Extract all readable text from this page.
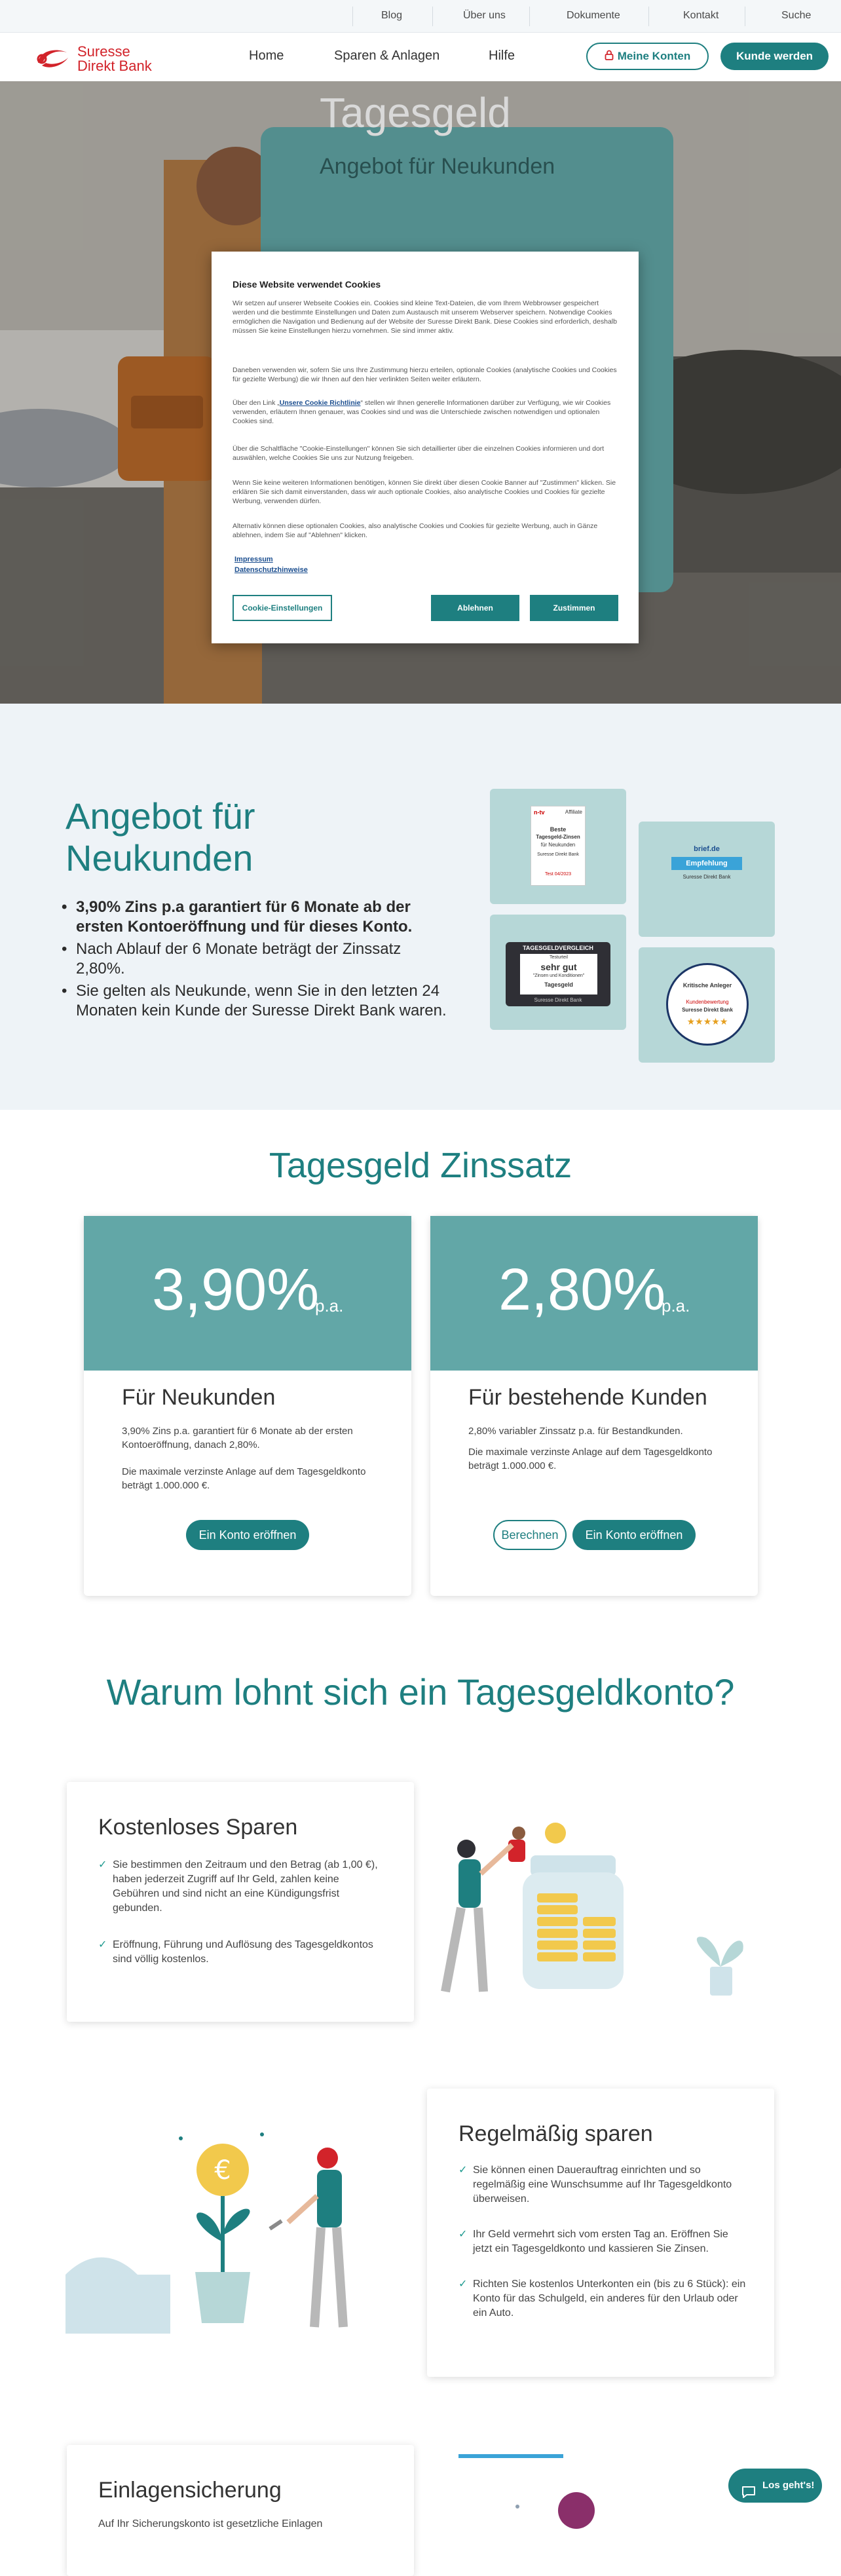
Blog	Über uns	Dokumente	Kontakt	Suche
Suresse
Direkt Bank
Home	Sparen & Anlagen	Hilfe	Meine Konten	Kunde werden
Tagesgeld
Angebot für Neukunden
Diese Website verwendet Cookies

Wir setzen auf unserer Webseite Cookies ein. Cookies sind kleine Text-Dateien, die vom Ihrem Webbrowser gespeichert werden und die bestimmte Einstellungen und Daten zum Austausch mit unserem Webserver speichern. Notwendige Cookies ermöglichen die Navigation und Bedienung auf der Website der Suresse Direkt Bank. Diese Cookies sind erforderlich, deshalb müssen Sie keine Einstellungen hierzu vornehmen. Sie sind immer aktiv.

Daneben verwenden wir, sofern Sie uns Ihre Zustimmung hierzu erteilen, optionale Cookies (analytische Cookies und Cookies für gezielte Werbung) die wir Ihnen auf den hier verlinkten Seiten weiter erläutern.

Über den Link „Unsere Cookie Richtlinie“ stellen wir Ihnen generelle Informationen darüber zur Verfügung, wie wir Cookies verwenden, erläutern Ihnen genauer, was Cookies sind und was die Unterschiede zwischen notwendigen und optionalen Cookies sind.

Über die Schaltfläche "Cookie-Einstellungen" können Sie sich detaillierter über die einzelnen Cookies informieren und dort auswählen, welche Cookies Sie uns zur Nutzung freigeben.

Wenn Sie keine weiteren Informationen benötigen, können Sie direkt über diesen Cookie Banner auf "Zustimmen" klicken. Sie erklären Sie sich damit einverstanden, dass wir auch optionale Cookies, also analytische Cookies und Cookies für gezielte Werbung, verwenden dürfen.

Alternativ können diese optionalen Cookies, also analytische Cookies und Cookies für gezielte Werbung, auch in Gänze ablehnen, indem Sie auf "Ablehnen" klicken.

Impressum
Datenschutzhinweise
Cookie-Einstellungen	Ablehnen	Zustimmen
Angebot für
Neukunden
• 3,90% Zins p.a garantiert für 6 Monate ab der ersten Kontoeröffnung und für dieses Konto.
• Nach Ablauf der 6 Monate beträgt der Zinssatz 2,80%.
• Sie gelten als Neukunde, wenn Sie in den letzten 24 Monaten kein Kunde der Suresse Direkt Bank waren.
n-tv	Affiliate
Beste
Tagesgeld-Zinsen
für Neukunden
Suresse Direkt Bank
Test 04/2023
brief.de
Empfehlung
Suresse Direkt Bank
TAGESGELDVERGLEICH
Testurteil
sehr gut
"Zinsen und Konditionen"
Tagesgeld
Suresse Direkt Bank
Kritische Anleger
Kundenbewertung
Suresse Direkt Bank
★★★★★
Tagesgeld Zinssatz
3,90%
p.a.
Für Neukunden

3,90% Zins p.a. garantiert für 6 Monate ab der ersten Kontoeröffnung, danach 2,80%.

Die maximale verzinste Anlage auf dem Tagesgeldkonto beträgt 1.000.000 €.

Ein Konto eröffnen
2,80%
p.a.
Für bestehende Kunden

2,80% variabler Zinssatz p.a. für Bestandkunden.

Die maximale verzinste Anlage auf dem Tagesgeldkonto beträgt 1.000.000 €.

Berechnen	Ein Konto eröffnen
Warum lohnt sich ein Tagesgeldkonto?
Kostenloses Sparen
✓ Sie bestimmen den Zeitraum und den Betrag (ab 1,00 €), haben jederzeit Zugriff auf Ihr Geld, zahlen keine Gebühren und sind nicht an eine Kündigungsfrist gebunden.
✓ Eröffnung, Führung und Auflösung des Tagesgeldkontos sind völlig kostenlos.
Regelmäßig sparen
✓ Sie können einen Dauerauftrag einrichten und so regelmäßig eine Wunschsumme auf Ihr Tagesgeldkonto überweisen.
✓ Ihr Geld vermehrt sich vom ersten Tag an. Eröffnen Sie jetzt ein Tagesgeldkonto und kassieren Sie Zinsen.
✓ Richten Sie kostenlos Unterkonten ein (bis zu 6 Stück): ein Konto für das Schulgeld, ein anderes für den Urlaub oder ein Auto.
€
Einlagensicherung
Auf Ihr Sicherungskonto ist gesetzliche Einlagen
Los geht's!
